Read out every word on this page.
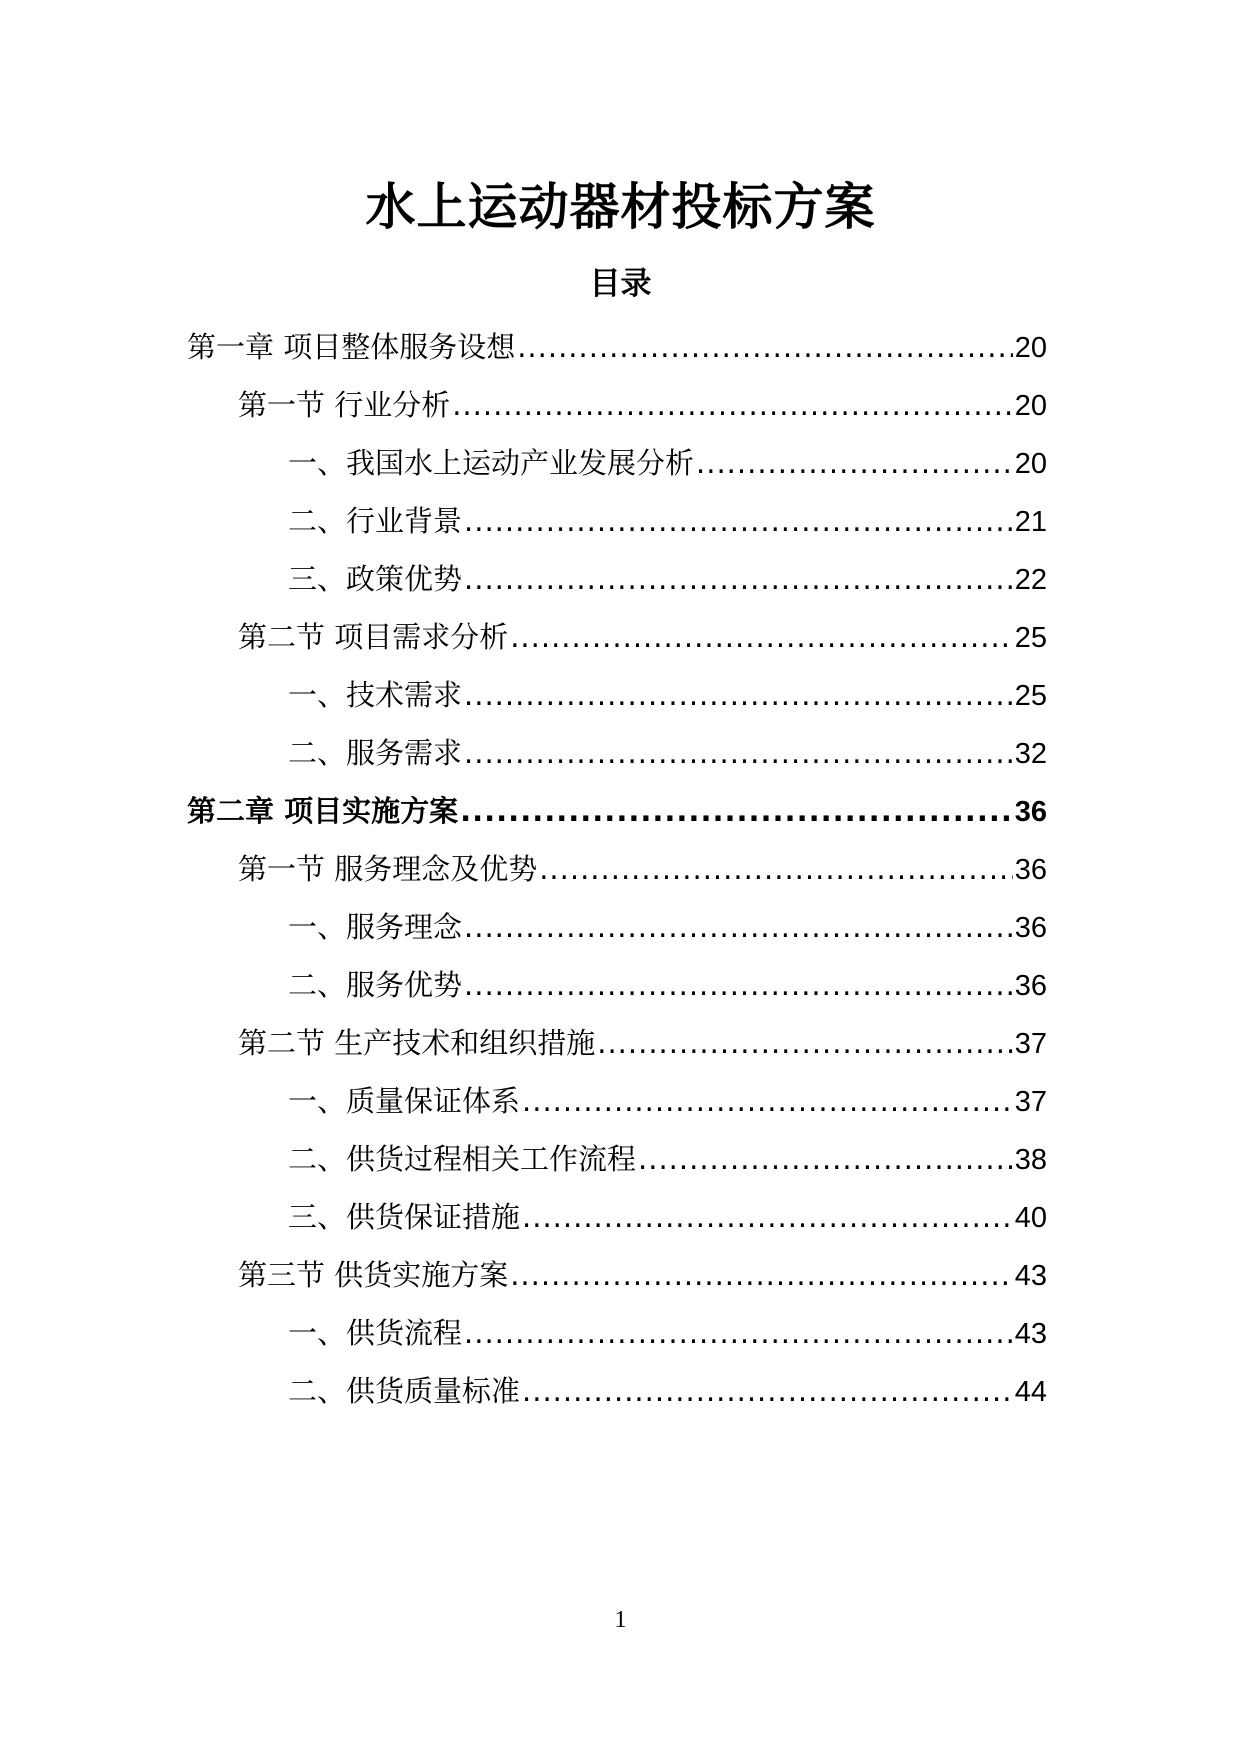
水上运动器材投标方案
目录
第一章 项目整体服务设想 .....	20
第一节 行业分析 .....	20
一、我国水上运动产业发展分析 .....	20
二、行业背景 .....	21
三、政策优势 .....	22
第二节 项目需求分析 .....	25
一、技术需求 .....	25
二、服务需求 .....	32
第二章 项目实施方案 .....	36
第一节 服务理念及优势 .....	36
一、服务理念 .....	36
二、服务优势 .....	36
第二节 生产技术和组织措施 .....	37
一、质量保证体系 .....	37
二、供货过程相关工作流程 .....	38
三、供货保证措施 .....	40
第三节 供货实施方案 .....	43
一、供货流程 .....	43
二、供货质量标准 .....	44
1
